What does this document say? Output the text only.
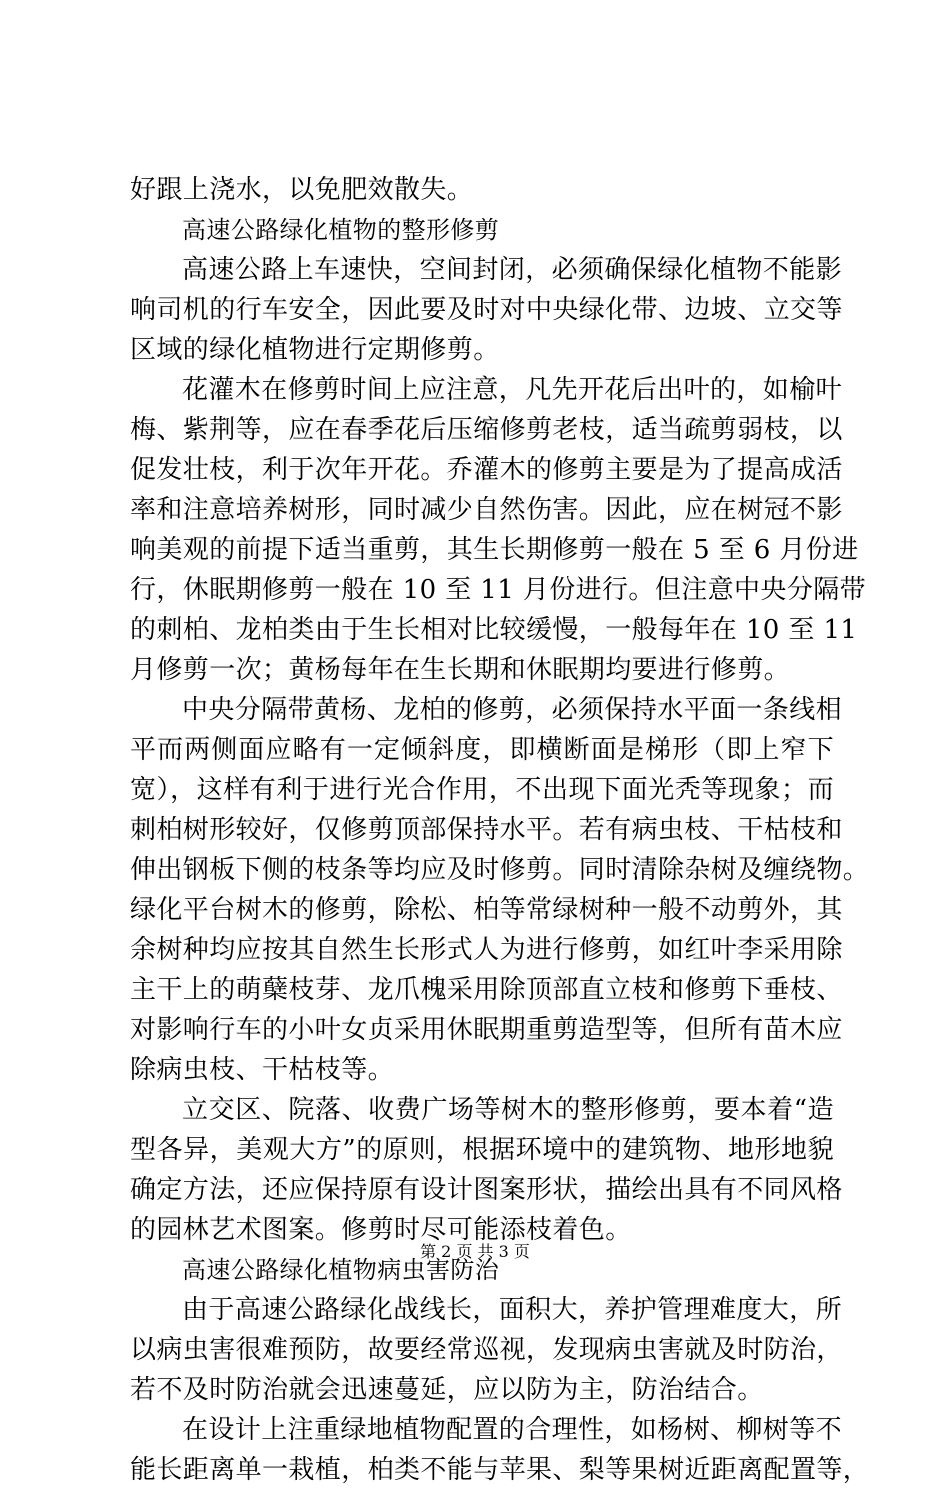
好跟上浇水，以免肥效散失。
高速公路绿化植物的整形修剪
高速公路上车速快，空间封闭，必须确保绿化植物不能影
响司机的行车安全，因此要及时对中央绿化带、边坡、立交等
区域的绿化植物进行定期修剪。
花灌木在修剪时间上应注意，凡先开花后出叶的，如榆叶
梅、紫荆等，应在春季花后压缩修剪老枝，适当疏剪弱枝，以
促发壮枝，利于次年开花。乔灌木的修剪主要是为了提高成活
率和注意培养树形，同时减少自然伤害。因此，应在树冠不影
响美观的前提下适当重剪，其生长期修剪一般在 5 至 6 月份进
行，休眠期修剪一般在 10 至 11 月份进行。但注意中央分隔带
的刺柏、龙柏类由于生长相对比较缓慢，一般每年在 10 至 11
月修剪一次；黄杨每年在生长期和休眠期均要进行修剪。
中央分隔带黄杨、龙柏的修剪，必须保持水平面一条线相
平而两侧面应略有一定倾斜度，即横断面是梯形（即上窄下
宽），这样有利于进行光合作用，不出现下面光秃等现象；而
刺柏树形较好，仅修剪顶部保持水平。若有病虫枝、干枯枝和
伸出钢板下侧的枝条等均应及时修剪。同时清除杂树及缠绕物。
绿化平台树木的修剪，除松、柏等常绿树种一般不动剪外，其
余树种均应按其自然生长形式人为进行修剪，如红叶李采用除
主干上的萌蘖枝芽、龙爪槐采用除顶部直立枝和修剪下垂枝、
对影响行车的小叶女贞采用休眠期重剪造型等，但所有苗木应
除病虫枝、干枯枝等。
立交区、院落、收费广场等树木的整形修剪，要本着“造
型各异，美观大方”的原则，根据环境中的建筑物、地形地貌
确定方法，还应保持原有设计图案形状，描绘出具有不同风格
的园林艺术图案。修剪时尽可能添枝着色。
高速公路绿化植物病虫害防治
由于高速公路绿化战线长，面积大，养护管理难度大，所
以病虫害很难预防，故要经常巡视，发现病虫害就及时防治，
若不及时防治就会迅速蔓延，应以防为主，防治结合。
在设计上注重绿地植物配置的合理性，如杨树、柳树等不
能长距离单一栽植，柏类不能与苹果、梨等果树近距离配置等，
第 2 页 共 3 页
